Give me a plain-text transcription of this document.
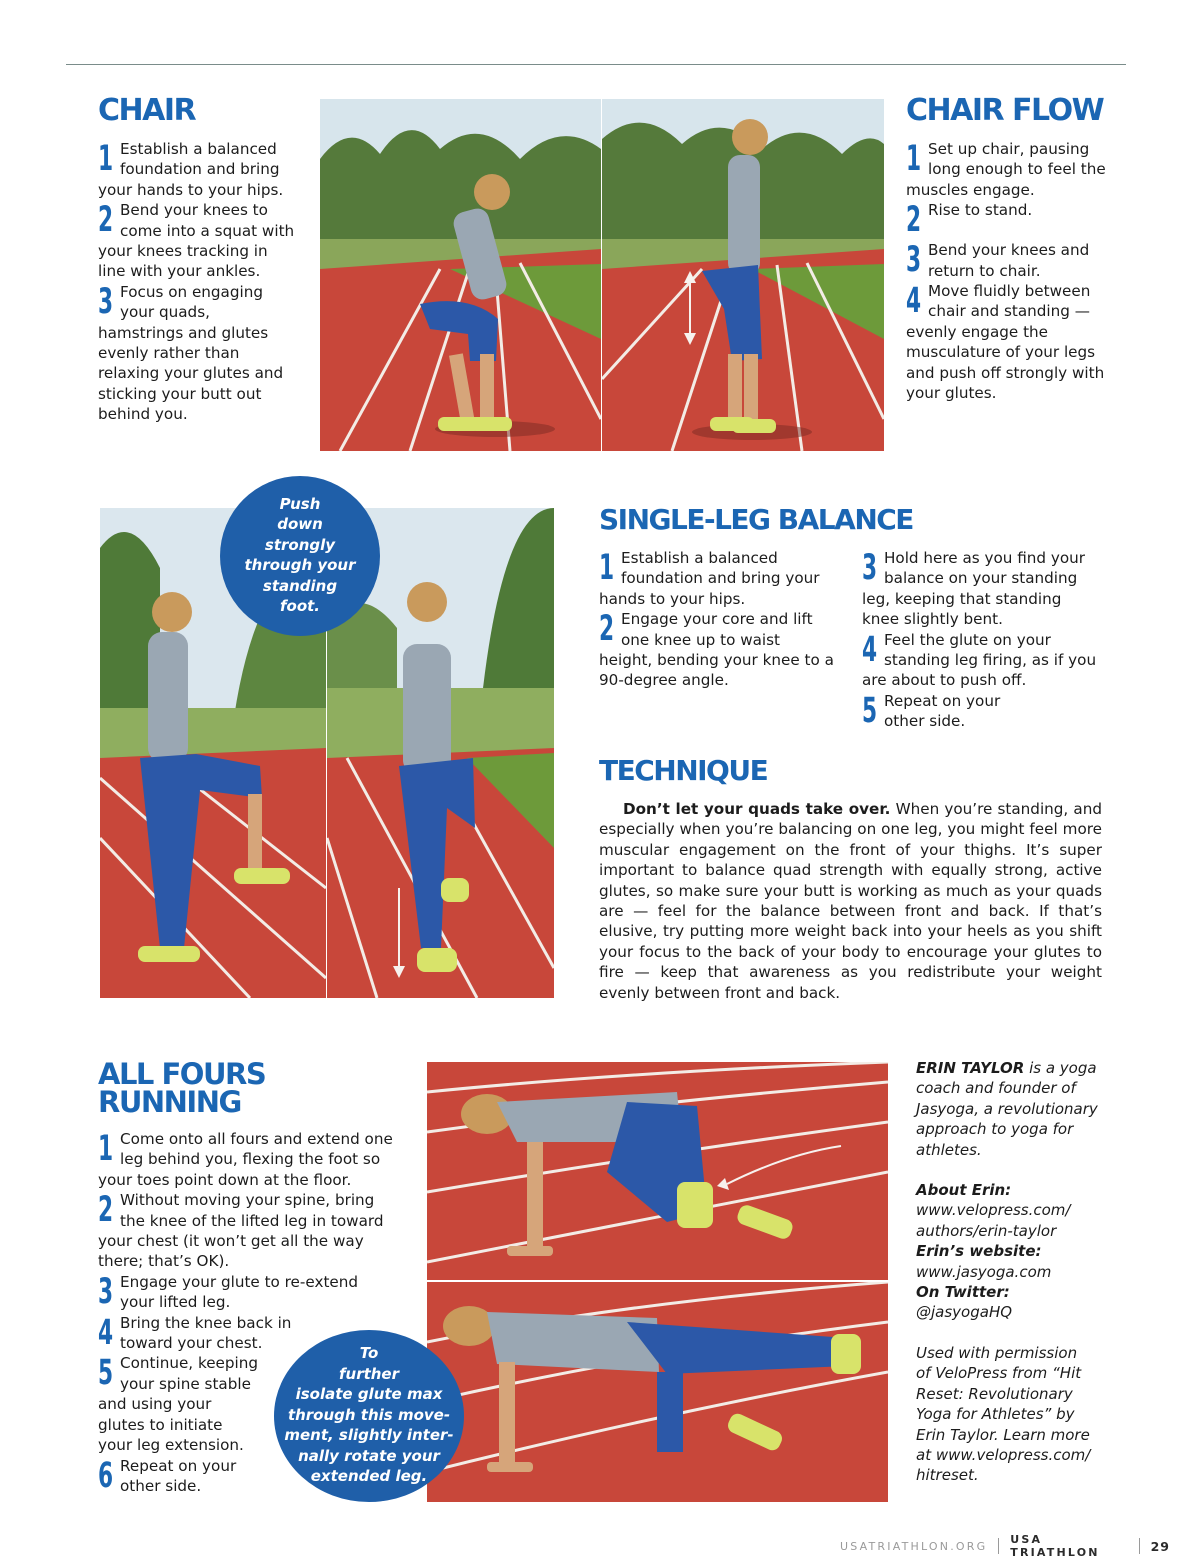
CHAIR
1 Establish a balanced foundation and bring your hands to your hips.
2 Bend your knees to come into a squat with your knees tracking in line with your ankles.
3 Focus on engaging your quads, hamstrings and glutes evenly rather than relaxing your glutes and sticking your butt out behind you.
CHAIR FLOW
1 Set up chair, pausing long enough to feel the muscles engage.
2 Rise to stand.
3 Bend your knees and return to chair.
4 Move fluidly between chair and standing — evenly engage the musculature of your legs and push off strongly with your glutes.
Push
down
strongly
through your
standing
foot.
SINGLE-LEG BALANCE
1 Establish a balanced foundation and bring your hands to your hips.
2 Engage your core and lift one knee up to waist height, bending your knee to a 90-degree angle.
3 Hold here as you find your balance on your standing leg, keeping that standing knee slightly bent.
4 Feel the glute on your standing leg firing, as if you are about to push off.
5 Repeat on your other side.
TECHNIQUE
Don’t let your quads take over. When you’re standing, and especially when you’re balancing on one leg, you might feel more muscular engagement on the front of your thighs. It’s super important to balance quad strength with equally strong, active glutes, so make sure your butt is working as much as your quads are — feel for the balance between front and back. If that’s elusive, try putting more weight back into your heels as you shift your focus to the back of your body to encourage your glutes to fire — keep that awareness as you redistribute your weight evenly between front and back.
ALL FOURS
RUNNING
1 Come onto all fours and extend one leg behind you, flexing the foot so your toes point down at the floor.
2 Without moving your spine, bring the knee of the lifted leg in toward your chest (it won’t get all the way there; that’s OK).
3 Engage your glute to re-extend your lifted leg.
4 Bring the knee back in toward your chest.
5 Continue, keeping your spine stable and using your glutes to initiate your leg extension.
6 Repeat on your other side.
To
further
isolate glute max
through this move-
ment, slightly inter-
nally rotate your
extended leg.

ERIN TAYLOR is a yoga coach and founder of Jasyoga, a revolutionary approach to yoga for athletes.

About Erin:

www.velopress.com/
authors/erin-taylor

Erin’s website:

www.jasyoga.com

On Twitter:

@jasyogaHQ

Used with permission of VeloPress from “Hit Reset: Revolutionary Yoga for Athletes” by Erin Taylor. Learn more at www.velopress.com/ hitreset.

USATRIATHLON.ORG USA TRIATHLON	29
